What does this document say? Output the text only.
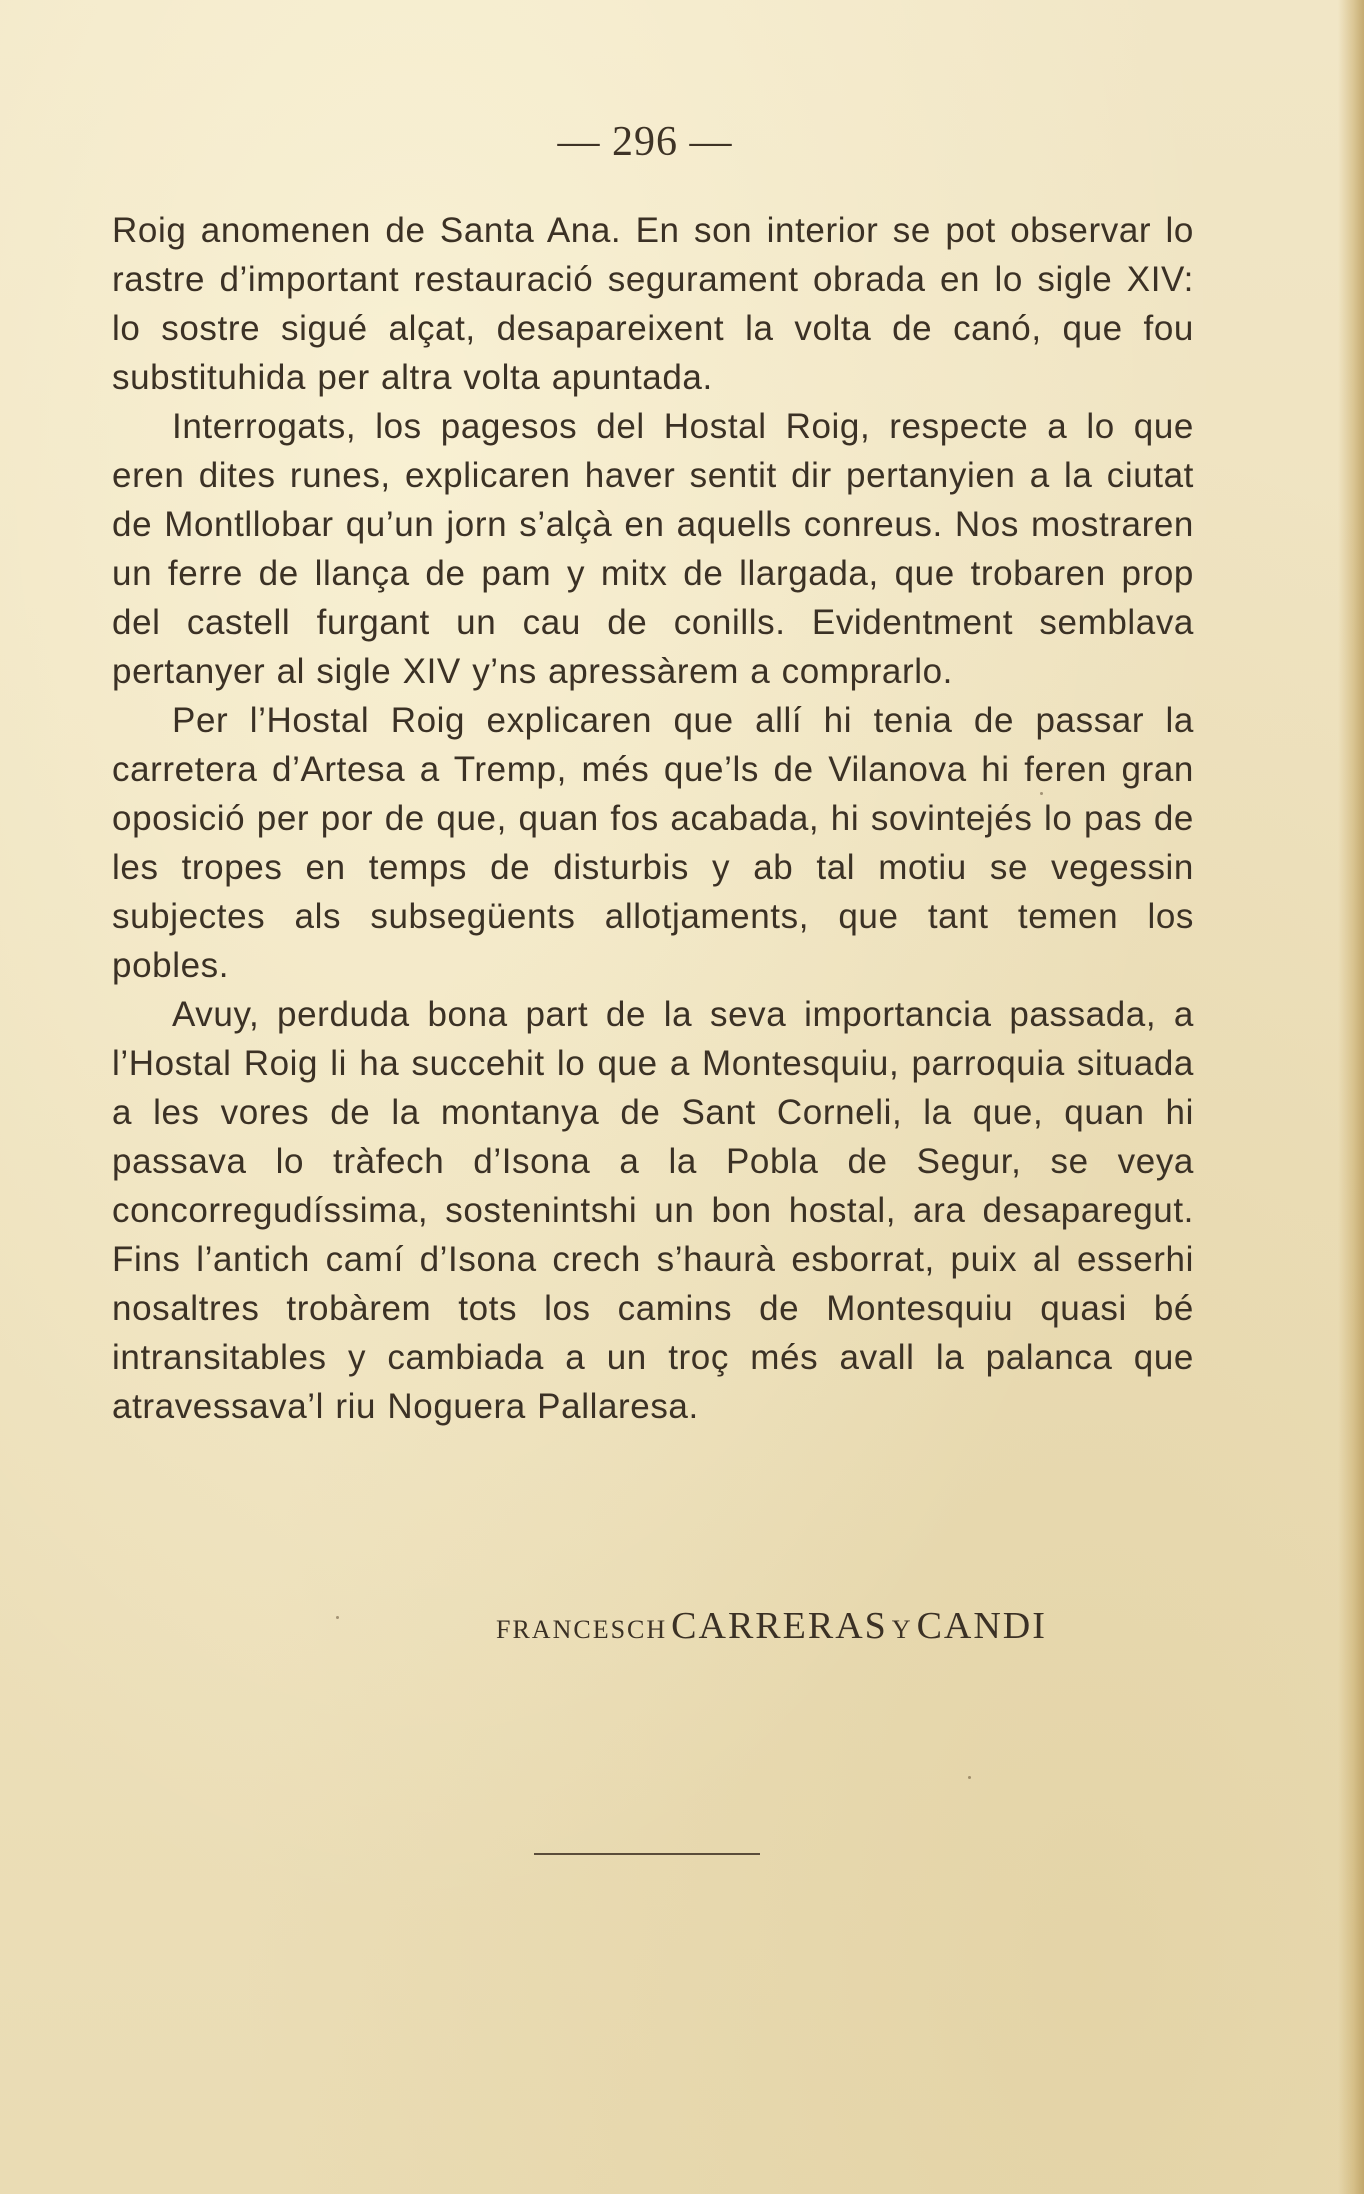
— 296 —

Roig anomenen de Santa Ana. En son interior se pot observar lo rastre d’important restauració segurament obrada en lo sigle XIV: lo sostre sigué alçat, desapareixent la volta de canó, que fou substituhida per altra volta apuntada.

Interrogats, los pagesos del Hostal Roig, respecte a lo que eren dites runes, explicaren haver sentit dir pertanyien a la ciutat de Montllobar qu’un jorn s’alçà en aquells conreus. Nos mostraren un ferre de llança de pam y mitx de llargada, que trobaren prop del castell furgant un cau de conills. Evidentment semblava pertanyer al sigle XIV y’ns apressàrem a comprarlo.

Per l’Hostal Roig explicaren que allí hi tenia de passar la carretera d’Artesa a Tremp, més que’ls de Vilanova hi feren gran oposició per por de que, quan fos acabada, hi sovintejés lo pas de les tropes en temps de disturbis y ab tal motiu se vegessin subjectes als subsegüents allotjaments, que tant temen los pobles.

Avuy, perduda bona part de la seva importancia passada, a l’Hostal Roig li ha succehit lo que a Montesquiu, parroquia situada a les vores de la montanya de Sant Corneli, la que, quan hi passava lo tràfech d’Isona a la Pobla de Segur, se veya concorregudíssima, sostenintshi un bon hostal, ara desaparegut. Fins l’antich camí d’Isona crech s’haurà esborrat, puix al esserhi nosaltres trobàrem tots los camins de Montesquiu quasi bé intransitables y cambiada a un troç més avall la palanca que atravessava’l riu Noguera Pallaresa.

FRANCESCH CARRERAS Y CANDI
